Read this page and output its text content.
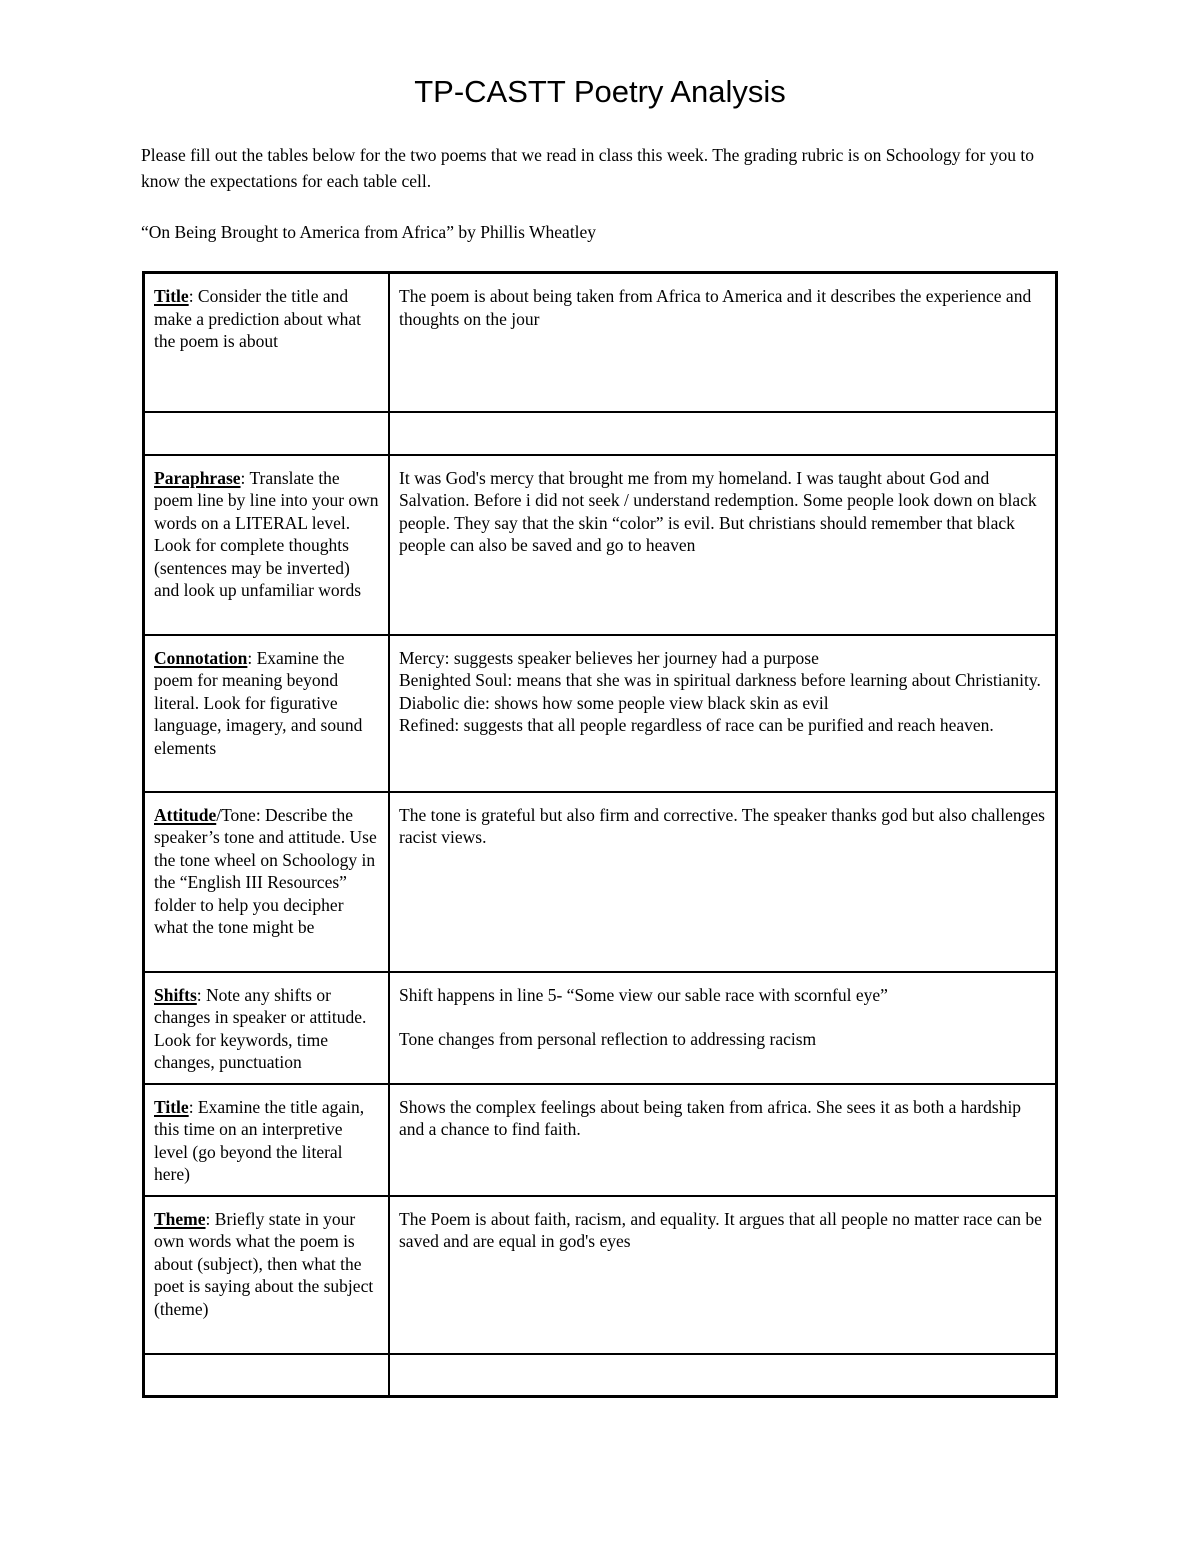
TP-CASTT Poetry Analysis

Please fill out the tables below for the two poems that we read in class this week. The grading rubric is on Schoology for you to know the expectations for each table cell.

“On Being Brought to America from Africa” by Phillis Wheatley

Title: Consider the title and make a prediction about what the poem is about	The poem is about being taken from Africa to America and it describes the experience and thoughts on the jour

Paraphrase: Translate the poem line by line into your own words on a LITERAL level. Look for complete thoughts (sentences may be inverted) and look up unfamiliar words	It was God's mercy that brought me from my homeland. I was taught about God and Salvation. Before i did not seek / understand redemption. Some people look down on black people. They say that the skin “color” is evil. But christians should remember that black people can also be saved and go to heaven

Connotation: Examine the poem for meaning beyond literal. Look for figurative language, imagery, and sound elements	Mercy: suggests speaker believes her journey had a purpose
Benighted Soul: means that she was in spiritual darkness before learning about Christianity.
Diabolic die: shows how some people view black skin as evil
Refined: suggests that all people regardless of race can be purified and reach heaven.

Attitude/Tone: Describe the speaker’s tone and attitude. Use the tone wheel on Schoology in the “English III Resources” folder to help you decipher what the tone might be	The tone is grateful but also firm and corrective. The speaker thanks god but also challenges racist views.

Shifts: Note any shifts or changes in speaker or attitude. Look for keywords, time changes, punctuation	Shift happens in line 5- “Some view our sable race with scornful eye”
Tone changes from personal reflection to addressing racism

Title: Examine the title again, this time on an interpretive level (go beyond the literal here)	Shows the complex feelings about being taken from africa. She sees it as both a hardship and a chance to find faith.

Theme: Briefly state in your own words what the poem is about (subject), then what the poet is saying about the subject (theme)	The Poem is about faith, racism, and equality. It argues that all people no matter race can be saved and are equal in god's eyes
